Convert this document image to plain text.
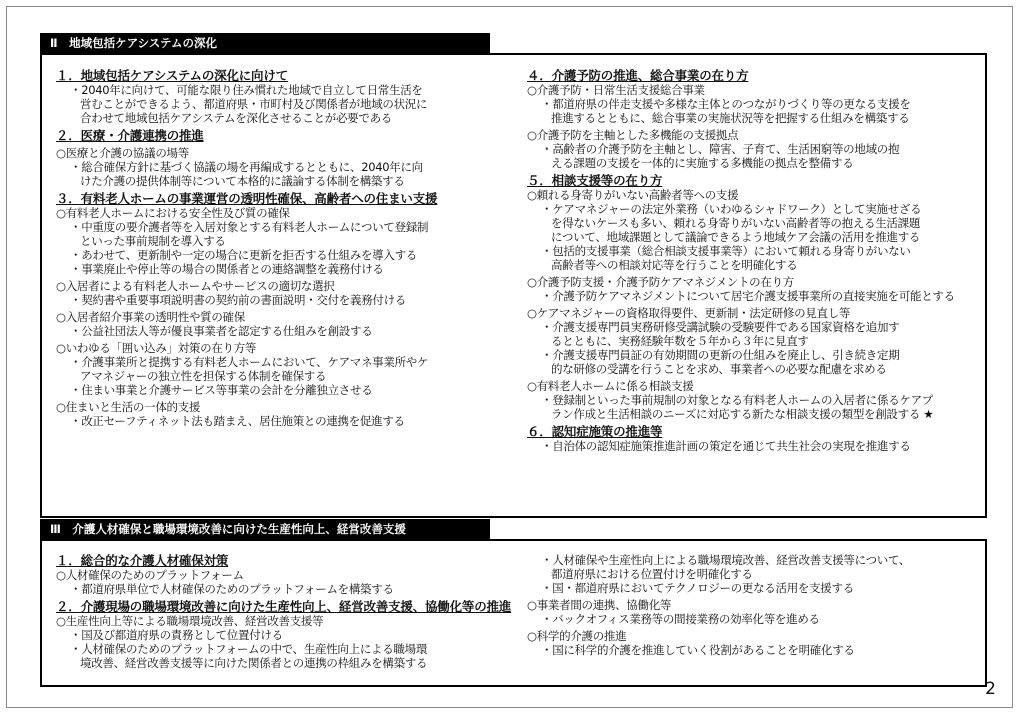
Ⅱ　地域包括ケアシステムの深化
１．地域包括ケアシステムの深化に向けて
・2040年に向けて、可能な限り住み慣れた地域で自立して日常生活を
営むことができるよう、都道府県・市町村及び関係者が地域の状況に
合わせて地域包括ケアシステムを深化させることが必要である
２．医療・介護連携の推進
○医療と介護の協議の場等
・総合確保方針に基づく協議の場を再編成するとともに、2040年に向
けた介護の提供体制等について本格的に議論する体制を構築する
３．有料老人ホームの事業運営の透明性確保、高齢者への住まい支援
○有料老人ホームにおける安全性及び質の確保
・中重度の要介護者等を入居対象とする有料老人ホームについて登録制
といった事前規制を導入する
・あわせて、更新制や一定の場合に更新を拒否する仕組みを導入する
・事業廃止や停止等の場合の関係者との連絡調整を義務付ける
○入居者による有料老人ホームやサービスの適切な選択
・契約書や重要事項説明書の契約前の書面説明・交付を義務付ける
○入居者紹介事業の透明性や質の確保
・公益社団法人等が優良事業者を認定する仕組みを創設する
○いわゆる「囲い込み」対策の在り方等
・介護事業所と提携する有料老人ホームにおいて、ケアマネ事業所やケ
アマネジャーの独立性を担保する体制を確保する
・住まい事業と介護サービス等事業の会計を分離独立させる
○住まいと生活の一体的支援
・改正セーフティネット法も踏まえ、居住施策との連携を促進する
４．介護予防の推進、総合事業の在り方
○介護予防・日常生活支援総合事業
・都道府県の伴走支援や多様な主体とのつながりづくり等の更なる支援を
推進するとともに、総合事業の実施状況等を把握する仕組みを構築する
○介護予防を主軸とした多機能の支援拠点
・高齢者の介護予防を主軸とし、障害、子育て、生活困窮等の地域の抱
える課題の支援を一体的に実施する多機能の拠点を整備する
５．相談支援等の在り方
○頼れる身寄りがいない高齢者等への支援
・ケアマネジャーの法定外業務（いわゆるシャドワーク）として実施せざる
を得ないケースも多い、頼れる身寄りがいない高齢者等の抱える生活課題
について、地域課題として議論できるよう地域ケア会議の活用を推進する
・包括的支援事業（総合相談支援事業等）において頼れる身寄りがいない
高齢者等への相談対応等を行うことを明確化する
○介護予防支援・介護予防ケアマネジメントの在り方
・介護予防ケアマネジメントについて居宅介護支援事業所の直接実施を可能とする
○ケアマネジャーの資格取得要件、更新制・法定研修の見直し等
・介護支援専門員実務研修受講試験の受験要件である国家資格を追加す
るとともに、実務経験年数を５年から３年に見直す
・介護支援専門員証の有効期間の更新の仕組みを廃止し、引き続き定期
的な研修の受講を行うことを求め、事業者への必要な配慮を求める
○有料老人ホームに係る相談支援
・登録制といった事前規制の対象となる有料老人ホームの入居者に係るケアプ
ラン作成と生活相談のニーズに対応する新たな相談支援の類型を創設する ★
６．認知症施策の推進等
・自治体の認知症施策推進計画の策定を通じて共生社会の実現を推進する
Ⅲ　介護人材確保と職場環境改善に向けた生産性向上、経営改善支援
１．総合的な介護人材確保対策
○人材確保のためのプラットフォーム
・都道府県単位で人材確保のためのプラットフォームを構築する
２．介護現場の職場環境改善に向けた生産性向上、経営改善支援、協働化等の推進
○生産性向上等による職場環境改善、経営改善支援等
・国及び都道府県の責務として位置付ける
・人材確保のためのプラットフォームの中で、生産性向上による職場環
境改善、経営改善支援等に向けた関係者との連携の枠組みを構築する
・人材確保や生産性向上による職場環境改善、経営改善支援等について、
都道府県における位置付けを明確化する
・国・都道府県においてテクノロジーの更なる活用を支援する
○事業者間の連携、協働化等
・バックオフィス業務等の間接業務の効率化等を進める
○科学的介護の推進
・国に科学的介護を推進していく役割があることを明確化する
2
